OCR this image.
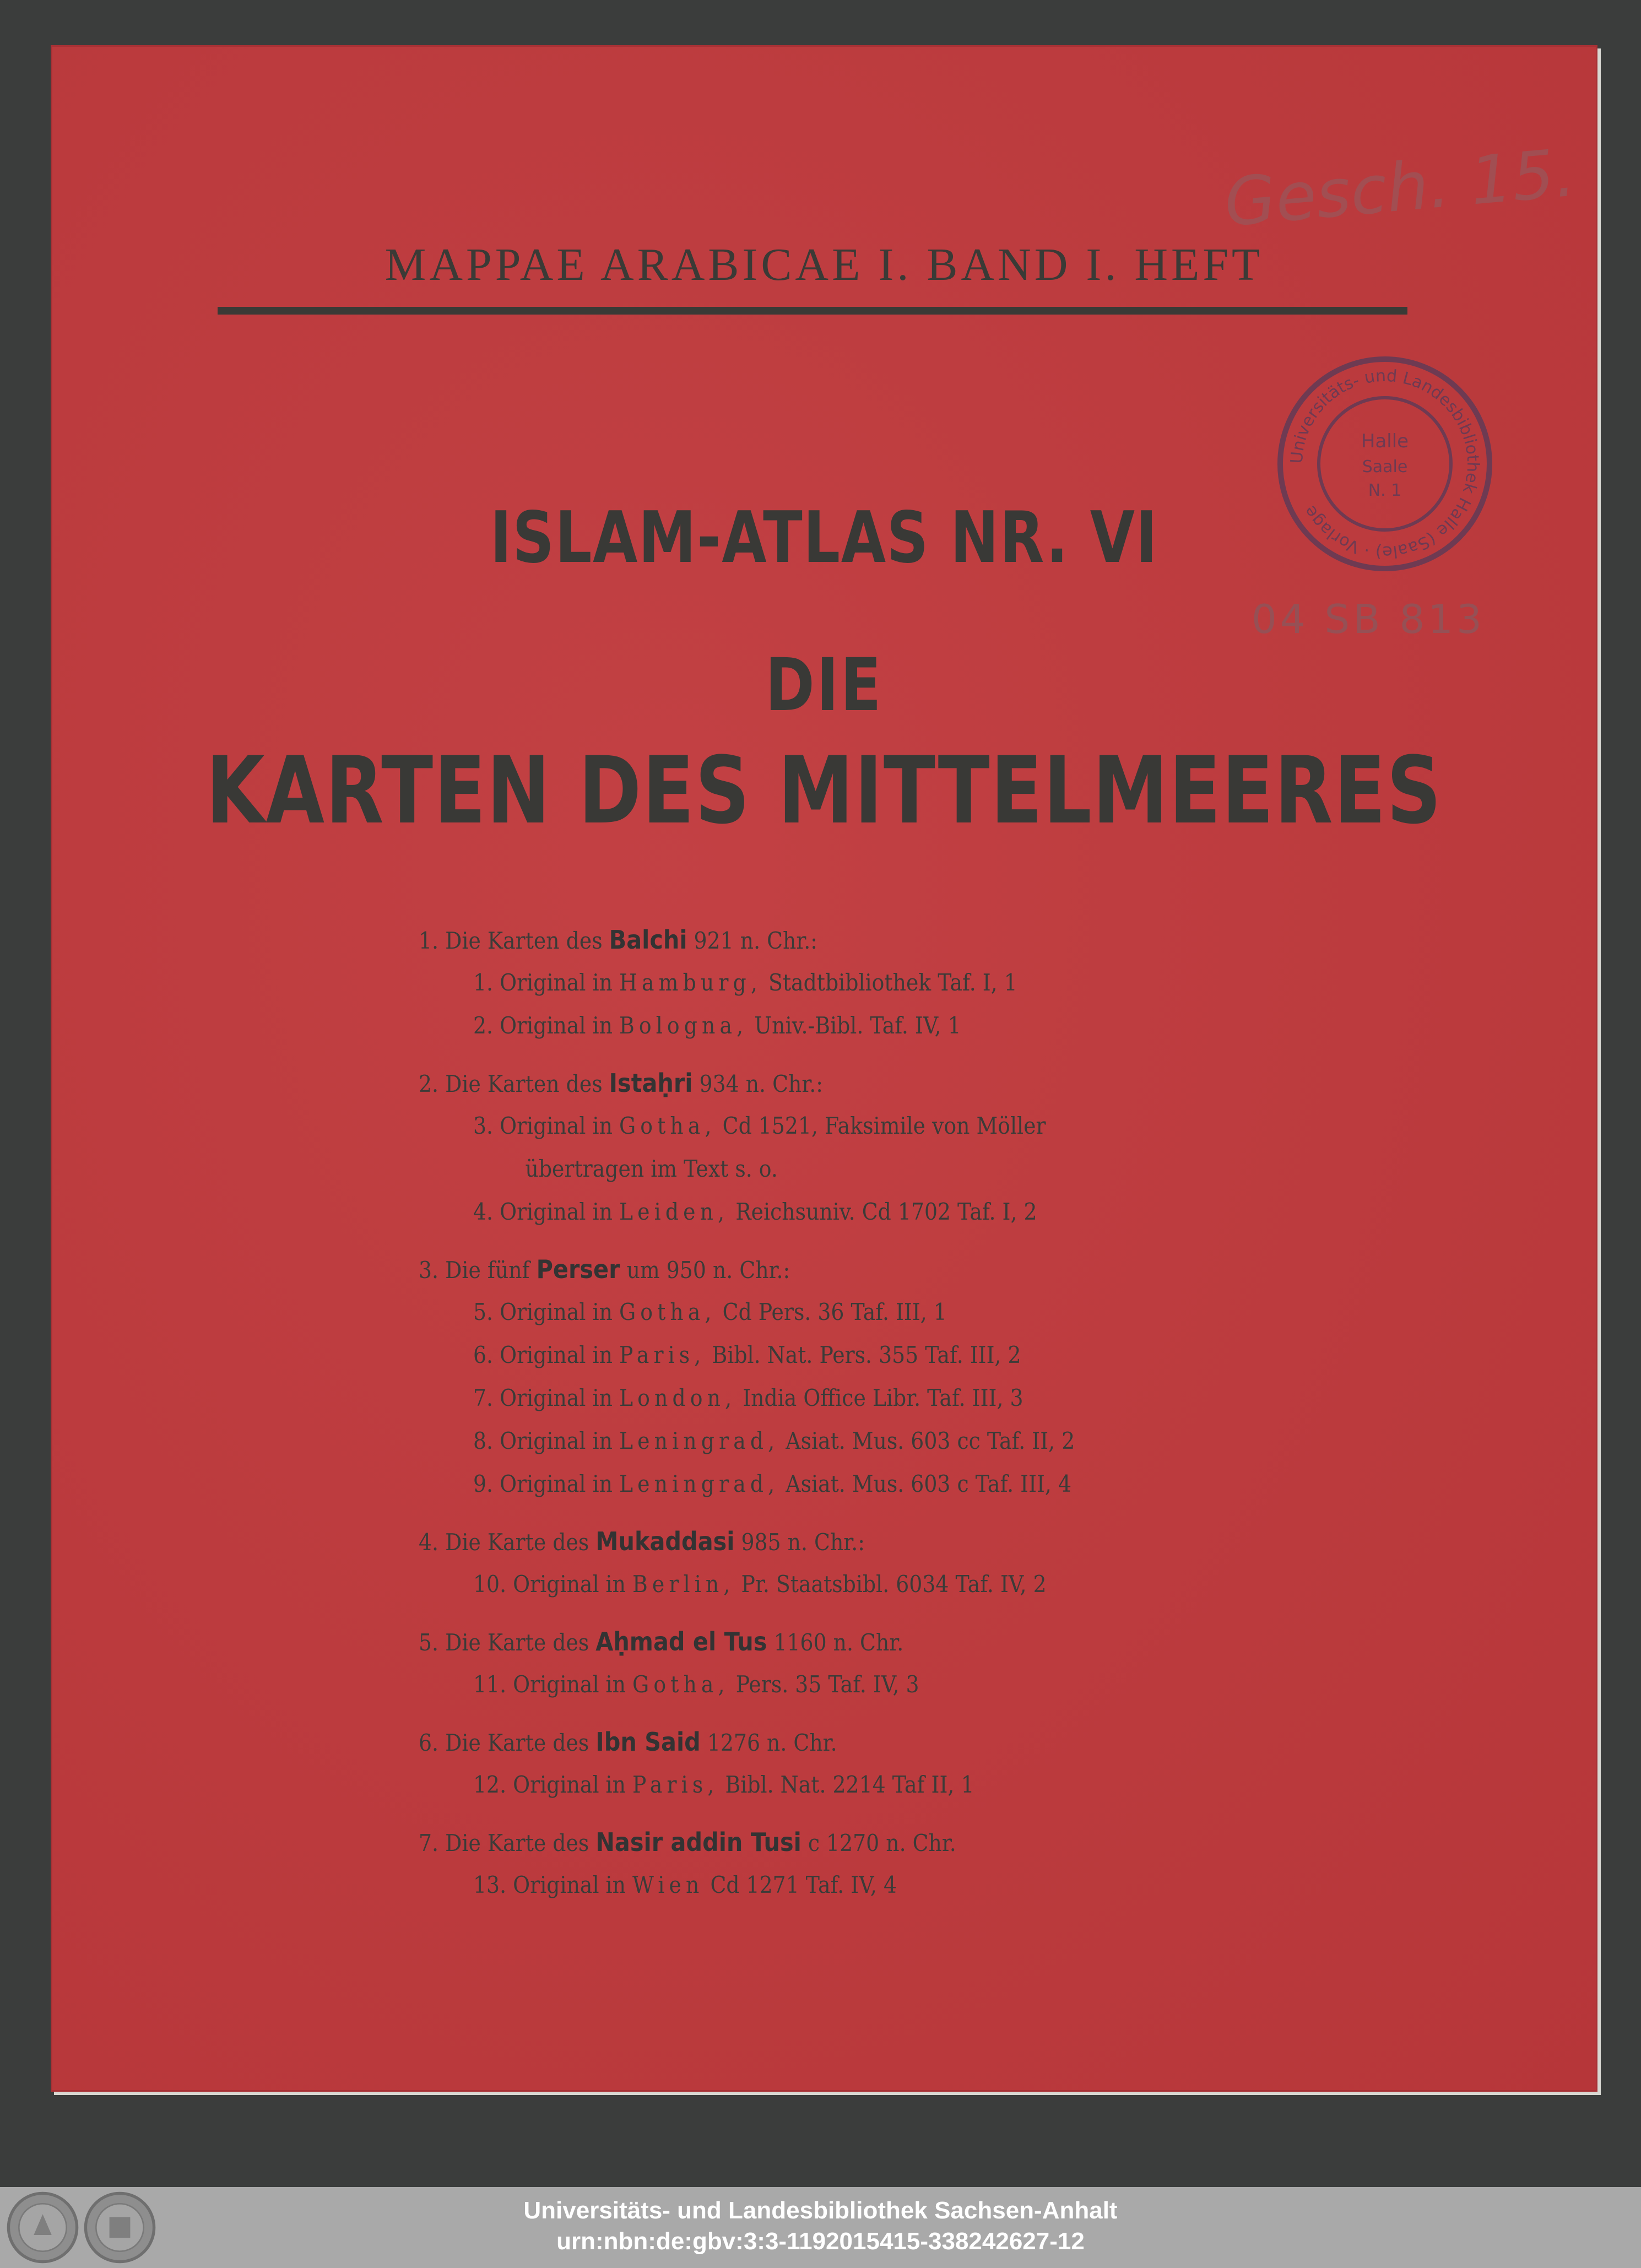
Gesch. 15.
MAPPAE ARABICAE I. BAND I. HEFT
Universitäts- und Landesbibliothek Halle (Saale) · Vorlage
Halle
Saale
N. 1
04 SB 813
ISLAM-ATLAS NR. VI
DIE
KARTEN DES MITTELMEERES
1. Die Karten des Balchi 921 n. Chr.:
1. Original in Hamburg, Stadtbibliothek Taf. I, 1
2. Original in Bologna, Univ.-Bibl. Taf. IV, 1
2. Die Karten des Istaḥri 934 n. Chr.:
3. Original in Gotha, Cd 1521, Faksimile von Möller
übertragen im Text s. o.
4. Original in Leiden, Reichsuniv. Cd 1702 Taf. I, 2
3. Die fünf Perser um 950 n. Chr.:
5. Original in Gotha, Cd Pers. 36 Taf. III, 1
6. Original in Paris, Bibl. Nat. Pers. 355 Taf. III, 2
7. Original in London, India Office Libr. Taf. III, 3
8. Original in Leningrad, Asiat. Mus. 603 cc Taf. II, 2
9. Original in Leningrad, Asiat. Mus. 603 c Taf. III, 4
4. Die Karte des Mukaddasi 985 n. Chr.:
10. Original in Berlin, Pr. Staatsbibl. 6034 Taf. IV, 2
5. Die Karte des Aḥmad el Tus 1160 n. Chr.
11. Original in Gotha, Pers. 35 Taf. IV, 3
6. Die Karte des Ibn Said 1276 n. Chr.
12. Original in Paris, Bibl. Nat. 2214 Taf II, 1
7. Die Karte des Nasir addin Tusi c 1270 n. Chr.
13. Original in Wien Cd 1271 Taf. IV, 4
Universitäts- und Landesbibliothek Sachsen-Anhalt
urn:nbn:de:gbv:3:3-1192015415-338242627-12
